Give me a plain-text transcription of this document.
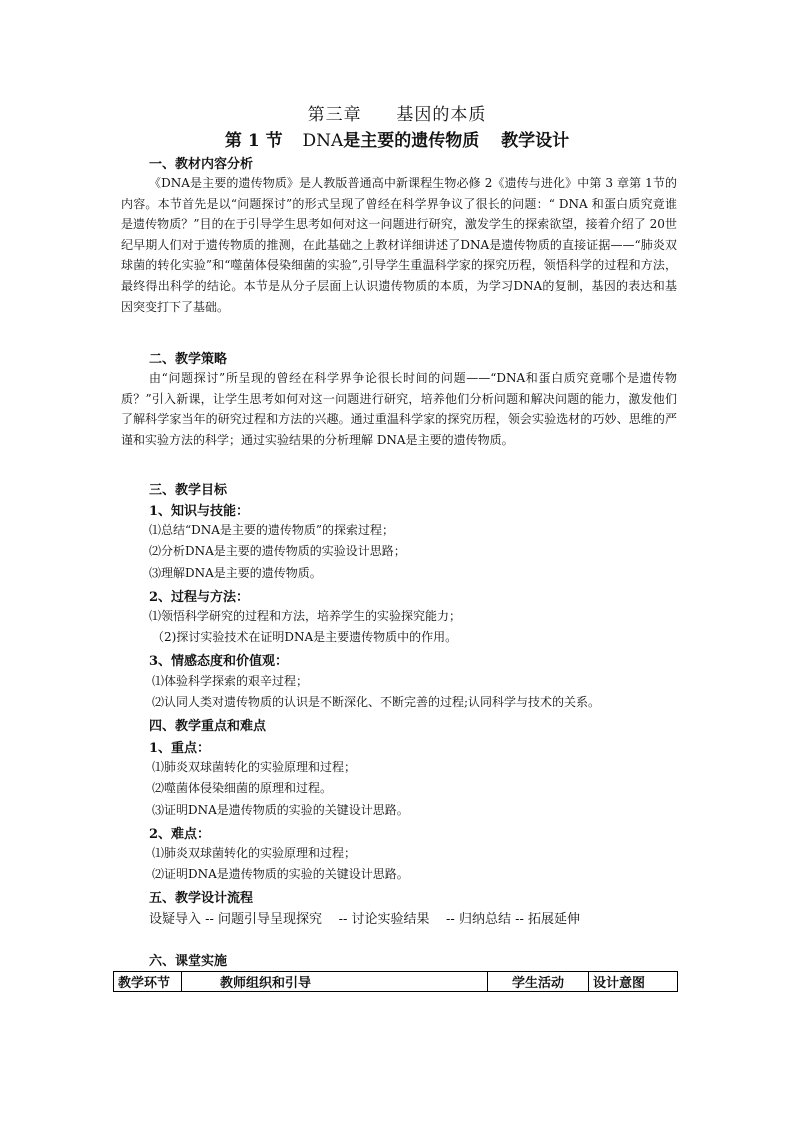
第三章 基因的本质
第 1 节 DNA是主要的遗传物质 教学设计
一、教材内容分析
《DNA是主要的遗传物质》是人教版普通高中新课程生物必修 2《遗传与进化》中第 3 章第 1节的内容。本节首先是以“问题探讨”的形式呈现了曾经在科学界争议了很长的问题：“ DNA 和蛋白质究竟谁是遗传物质？”目的在于引导学生思考如何对这一问题进行研究，激发学生的探索欲望，接着介绍了 20世纪早期人们对于遗传物质的推测，在此基础之上教材详细讲述了DNA是遗传物质的直接证据——“肺炎双球菌的转化实验”和“噬菌体侵染细菌的实验”,引导学生重温科学家的探究历程，领悟科学的过程和方法，最终得出科学的结论。本节是从分子层面上认识遗传物质的本质，为学习DNA的复制，基因的表达和基因突变打下了基础。
二、教学策略
由“问题探讨”所呈现的曾经在科学界争论很长时间的问题——“DNA和蛋白质究竟哪个是遗传物质？”引入新课，让学生思考如何对这一问题进行研究，培养他们分析问题和解决问题的能力，激发他们了解科学家当年的研究过程和方法的兴趣。通过重温科学家的探究历程，领会实验选材的巧妙、思维的严谨和实验方法的科学；通过实验结果的分析理解 DNA是主要的遗传物质。
三、教学目标
1、知识与技能：
⑴总结“DNA是主要的遗传物质”的探索过程；
⑵分析DNA是主要的遗传物质的实验设计思路；
⑶理解DNA是主要的遗传物质。
2、过程与方法：
⑴领悟科学研究的过程和方法，培养学生的实验探究能力；
（2)探讨实验技术在证明DNA是主要遗传物质中的作用。
3、情感态度和价值观：
⑴体验科学探索的艰辛过程；
⑵认同人类对遗传物质的认识是不断深化、不断完善的过程;认同科学与技术的关系。
四、教学重点和难点
1、重点：
⑴肺炎双球菌转化的实验原理和过程；
⑵噬菌体侵染细菌的原理和过程。
⑶证明DNA是遗传物质的实验的关键设计思路。
2、难点：
⑴肺炎双球菌转化的实验原理和过程；
⑵证明DNA是遗传物质的实验的关键设计思路。
五、教学设计流程
设疑导入 -- 问题引导呈现探究    -- 讨论实验结果    -- 归纳总结 -- 拓展延伸
六、课堂实施
教学环节	教师组织和引导	学生活动	设计意图
